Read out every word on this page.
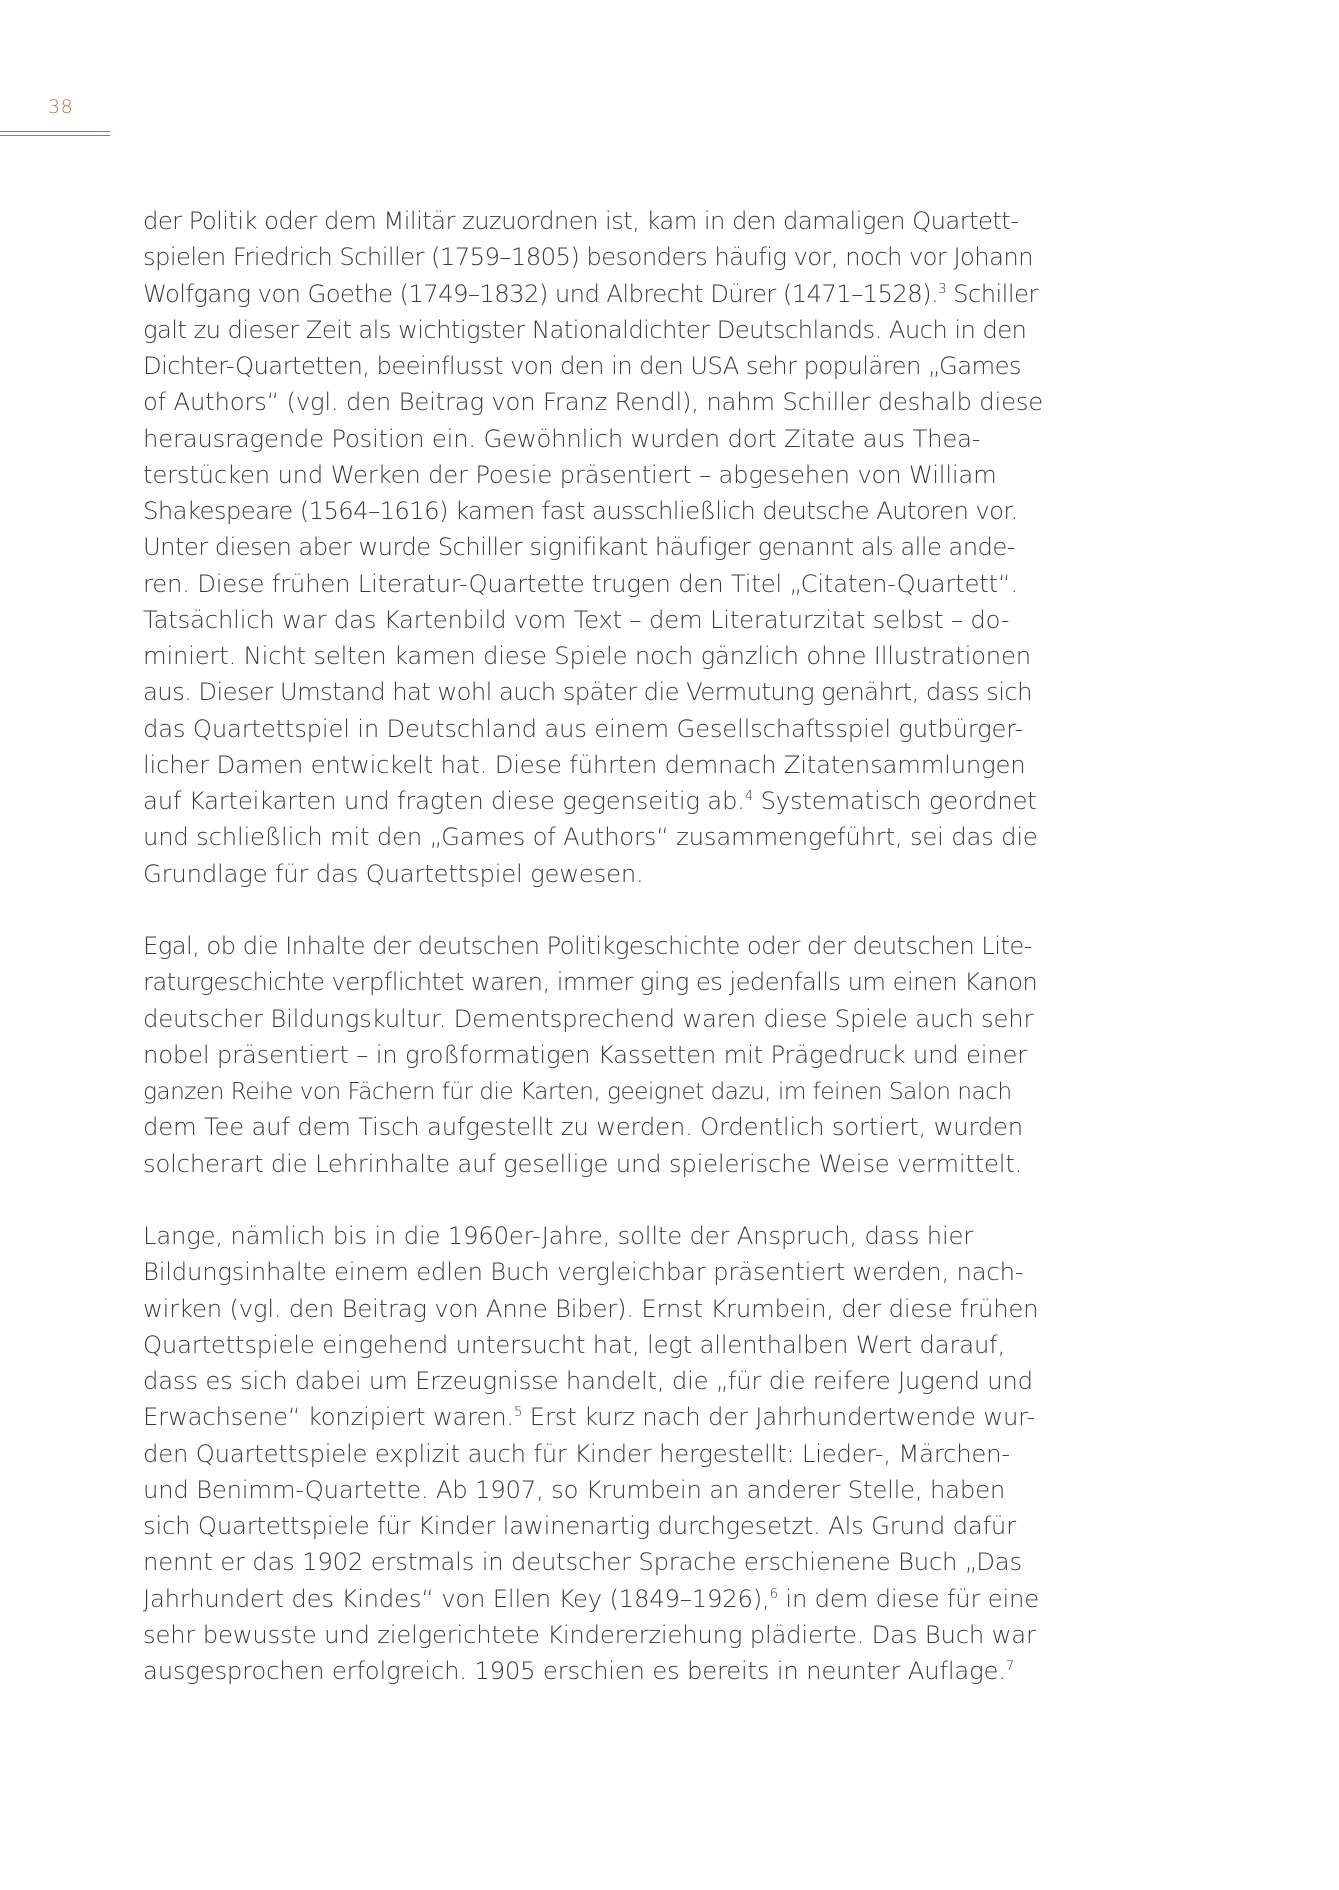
38
der Politik oder dem Militär zuzuordnen ist, kam in den damaligen Quartett-
spielen Friedrich Schiller (1759–1805) besonders häufig vor, noch vor Johann
Wolfgang von Goethe (1749–1832) und Albrecht Dürer (1471–1528).$^3$ Schiller
galt zu dieser Zeit als wichtigster Nationaldichter Deutschlands. Auch in den
Dichter-Quartetten, beeinflusst von den in den USA sehr populären „Games
of Authors“ (vgl. den Beitrag von Franz Rendl), nahm Schiller deshalb diese
herausragende Position ein. Gewöhnlich wurden dort Zitate aus Thea-
terstücken und Werken der Poesie präsentiert – abgesehen von William
Shakespeare (1564–1616) kamen fast ausschließlich deutsche Autoren vor.
Unter diesen aber wurde Schiller signifikant häufiger genannt als alle ande-
ren. Diese frühen Literatur-Quartette trugen den Titel „Citaten-Quartett“.
Tatsächlich war das Kartenbild vom Text – dem Literaturzitat selbst – do-
miniert. Nicht selten kamen diese Spiele noch gänzlich ohne Illustrationen
aus. Dieser Umstand hat wohl auch später die Vermutung genährt, dass sich
das Quartettspiel in Deutschland aus einem Gesellschaftsspiel gutbürger-
licher Damen entwickelt hat. Diese führten demnach Zitatensammlungen
auf Karteikarten und fragten diese gegenseitig ab.$^4$ Systematisch geordnet
und schließlich mit den „Games of Authors“ zusammengeführt, sei das die
Grundlage für das Quartettspiel gewesen.
Egal, ob die Inhalte der deutschen Politikgeschichte oder der deutschen Lite-
raturgeschichte verpflichtet waren, immer ging es jedenfalls um einen Kanon
deutscher Bildungskultur. Dementsprechend waren diese Spiele auch sehr
nobel präsentiert – in großformatigen Kassetten mit Prägedruck und einer
ganzen Reihe von Fächern für die Karten, geeignet dazu, im feinen Salon nach
dem Tee auf dem Tisch aufgestellt zu werden. Ordentlich sortiert, wurden
solcherart die Lehrinhalte auf gesellige und spielerische Weise vermittelt.
Lange, nämlich bis in die 1960er-Jahre, sollte der Anspruch, dass hier
Bildungsinhalte einem edlen Buch vergleichbar präsentiert werden, nach-
wirken (vgl. den Beitrag von Anne Biber). Ernst Krumbein, der diese frühen
Quartettspiele eingehend untersucht hat, legt allenthalben Wert darauf,
dass es sich dabei um Erzeugnisse handelt, die „für die reifere Jugend und
Erwachsene“ konzipiert waren.$^5$ Erst kurz nach der Jahrhundertwende wur-
den Quartettspiele explizit auch für Kinder hergestellt: Lieder-, Märchen-
und Benimm-Quartette. Ab 1907, so Krumbein an anderer Stelle, haben
sich Quartettspiele für Kinder lawinenartig durchgesetzt. Als Grund dafür
nennt er das 1902 erstmals in deutscher Sprache erschienene Buch „Das
Jahrhundert des Kindes“ von Ellen Key (1849–1926),$^6$ in dem diese für eine
sehr bewusste und zielgerichtete Kindererziehung plädierte. Das Buch war
ausgesprochen erfolgreich. 1905 erschien es bereits in neunter Auflage.$^7$
